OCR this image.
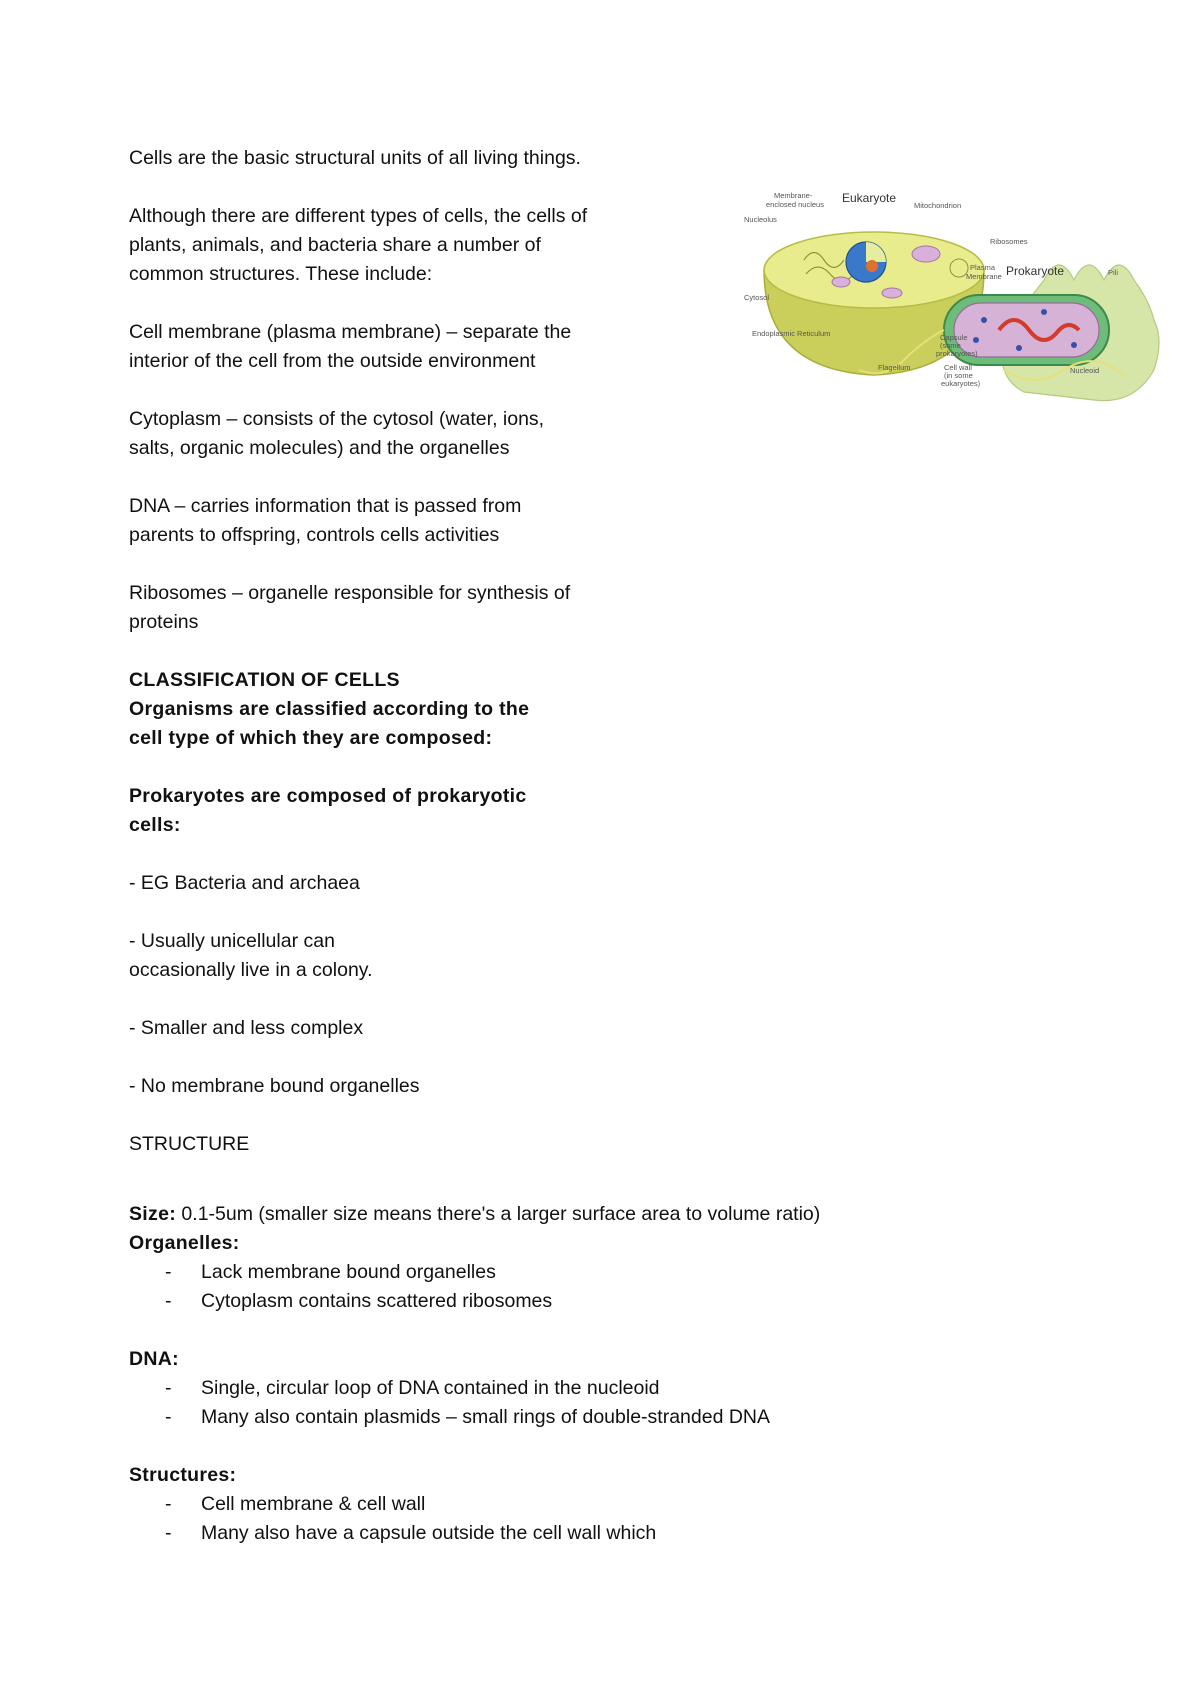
Cells are the basic structural units of all living things.

Although there are different types of cells, the cells of
plants, animals, and bacteria share a number of
common structures. These include:

Cell membrane (plasma membrane) – separate the
interior of the cell from the outside environment

Cytoplasm – consists of the cytosol (water, ions,
salts, organic molecules) and the organelles

DNA – carries information that is passed from
parents to offspring, controls cells activities

Ribosomes – organelle responsible for synthesis of
proteins

CLASSIFICATION OF CELLS
Organisms are classified according to the
cell type of which they are composed:

Prokaryotes are composed of prokaryotic
cells:

- EG Bacteria and archaea

- Usually unicellular can
occasionally live in a colony.

- Smaller and less complex

- No membrane bound organelles

STRUCTURE

Size: 0.1-5um (smaller size means there's a larger surface area to volume ratio)

Organelles:

- Lack membrane bound organelles
- Cytoplasm contains scattered ribosomes

DNA:

- Single, circular loop of DNA contained in the nucleoid
- Many also contain plasmids – small rings of double-stranded DNA

Structures:

- Cell membrane & cell wall
- Many also have a capsule outside the cell wall which
Eukaryote
Prokaryote
Membrane-
enclosed nucleus
Nucleolus
Mitochondrion
Ribosomes
Plasma
Membrane	Pili
Cytosol
Endoplasmic Reticulum	Capsule
(some
prokaryotes)
Flagellum	Cell wall
(in some
eukaryotes)
Nucleoid
